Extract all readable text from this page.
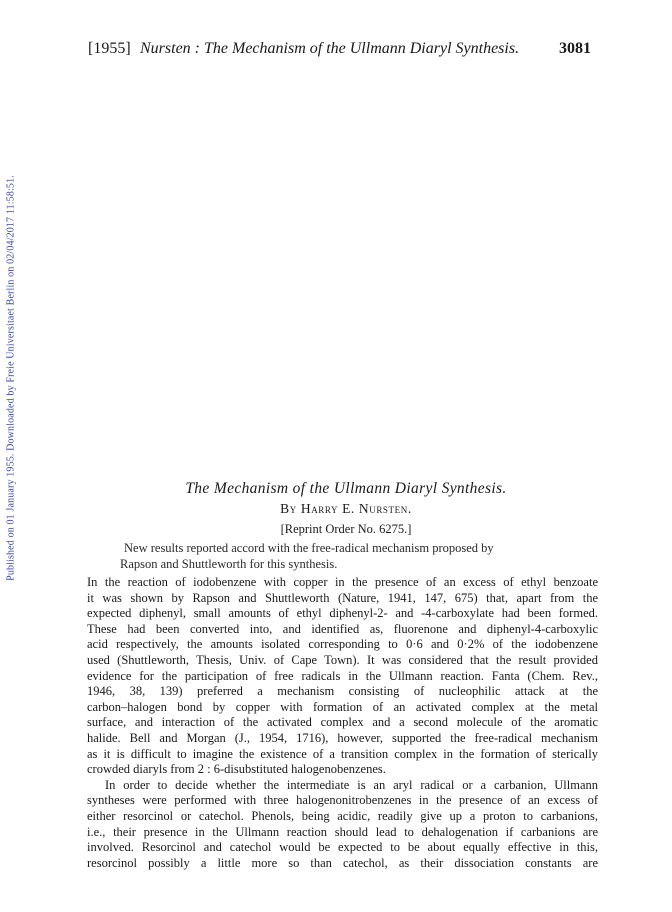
Published on 01 January 1955. Downloaded by Freie Universitaet Berlin on 02/04/2017 11:58:51.
[1955] Nursten : The Mechanism of the Ullmann Diaryl Synthesis. 3081
The Mechanism of the Ullmann Diaryl Synthesis.
By Harry E. Nursten.
[Reprint Order No. 6275.]
New results reported accord with the free-radical mechanism proposed by
Rapson and Shuttleworth for this synthesis.
In the reaction of iodobenzene with copper in the presence of an excess of ethyl benzoate
it was shown by Rapson and Shuttleworth (Nature, 1941, 147, 675) that, apart from the
expected diphenyl, small amounts of ethyl diphenyl-2- and -4-carboxylate had been formed.
These had been converted into, and identified as, fluorenone and diphenyl-4-carboxylic
acid respectively, the amounts isolated corresponding to 0·6 and 0·2% of the iodobenzene
used (Shuttleworth, Thesis, Univ. of Cape Town). It was considered that the result provided
evidence for the participation of free radicals in the Ullmann reaction. Fanta (Chem. Rev.,
1946, 38, 139) preferred a mechanism consisting of nucleophilic attack at the
carbon–halogen bond by copper with formation of an activated complex at the metal
surface, and interaction of the activated complex and a second molecule of the aromatic
halide. Bell and Morgan (J., 1954, 1716), however, supported the free-radical mechanism
as it is difficult to imagine the existence of a transition complex in the formation of sterically
crowded diaryls from 2 : 6-disubstituted halogenobenzenes.
In order to decide whether the intermediate is an aryl radical or a carbanion, Ullmann
syntheses were performed with three halogenonitrobenzenes in the presence of an excess of
either resorcinol or catechol. Phenols, being acidic, readily give up a proton to carbanions,
i.e., their presence in the Ullmann reaction should lead to dehalogenation if carbanions are
involved. Resorcinol and catechol would be expected to be about equally effective in this,
resorcinol possibly a little more so than catechol, as their dissociation constants are
